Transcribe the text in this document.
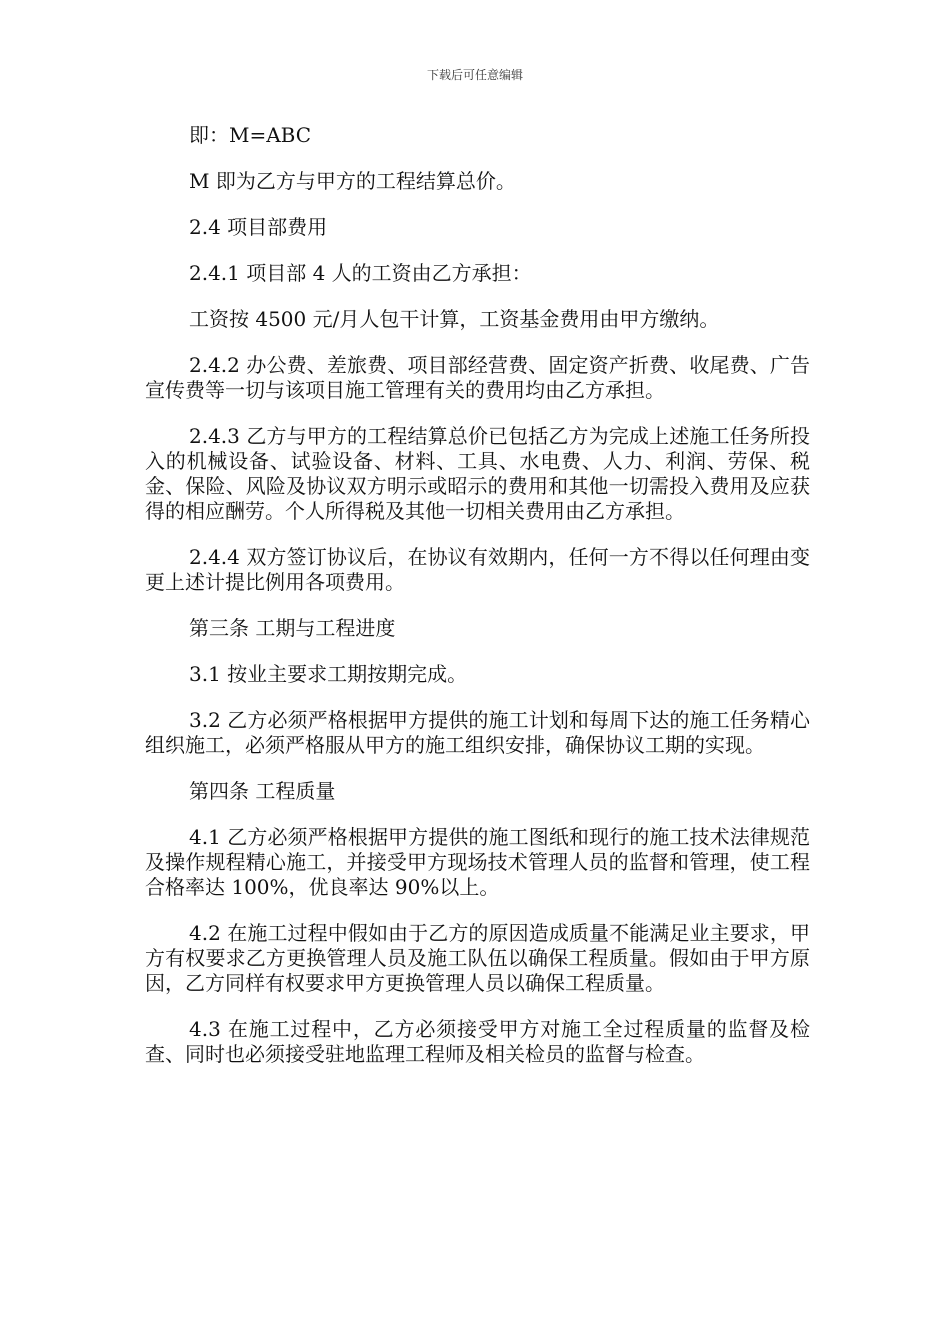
下载后可任意编辑

即：M=ABC

M 即为乙方与甲方的工程结算总价。

2.4 项目部费用

2.4.1 项目部 4 人的工资由乙方承担：

工资按 4500 元/月人包干计算，工资基金费用由甲方缴纳。

2.4.2 办公费、差旅费、项目部经营费、固定资产折费、收尾费、广告宣传费等一切与该项目施工管理有关的费用均由乙方承担。

2.4.3 乙方与甲方的工程结算总价已包括乙方为完成上述施工任务所投入的机械设备、试验设备、材料、工具、水电费、人力、利润、劳保、税金、保险、风险及协议双方明示或昭示的费用和其他一切需投入费用及应获得的相应酬劳。个人所得税及其他一切相关费用由乙方承担。

2.4.4 双方签订协议后，在协议有效期内，任何一方不得以任何理由变更上述计提比例用各项费用。

第三条 工期与工程进度

3.1 按业主要求工期按期完成。

3.2 乙方必须严格根据甲方提供的施工计划和每周下达的施工任务精心组织施工，必须严格服从甲方的施工组织安排，确保协议工期的实现。

第四条 工程质量

4.1 乙方必须严格根据甲方提供的施工图纸和现行的施工技术法律规范及操作规程精心施工，并接受甲方现场技术管理人员的监督和管理，使工程合格率达 100%，优良率达 90%以上。

4.2 在施工过程中假如由于乙方的原因造成质量不能满足业主要求，甲方有权要求乙方更换管理人员及施工队伍以确保工程质量。假如由于甲方原因，乙方同样有权要求甲方更换管理人员以确保工程质量。

4.3 在施工过程中，乙方必须接受甲方对施工全过程质量的监督及检查、同时也必须接受驻地监理工程师及相关检员的监督与检查。
